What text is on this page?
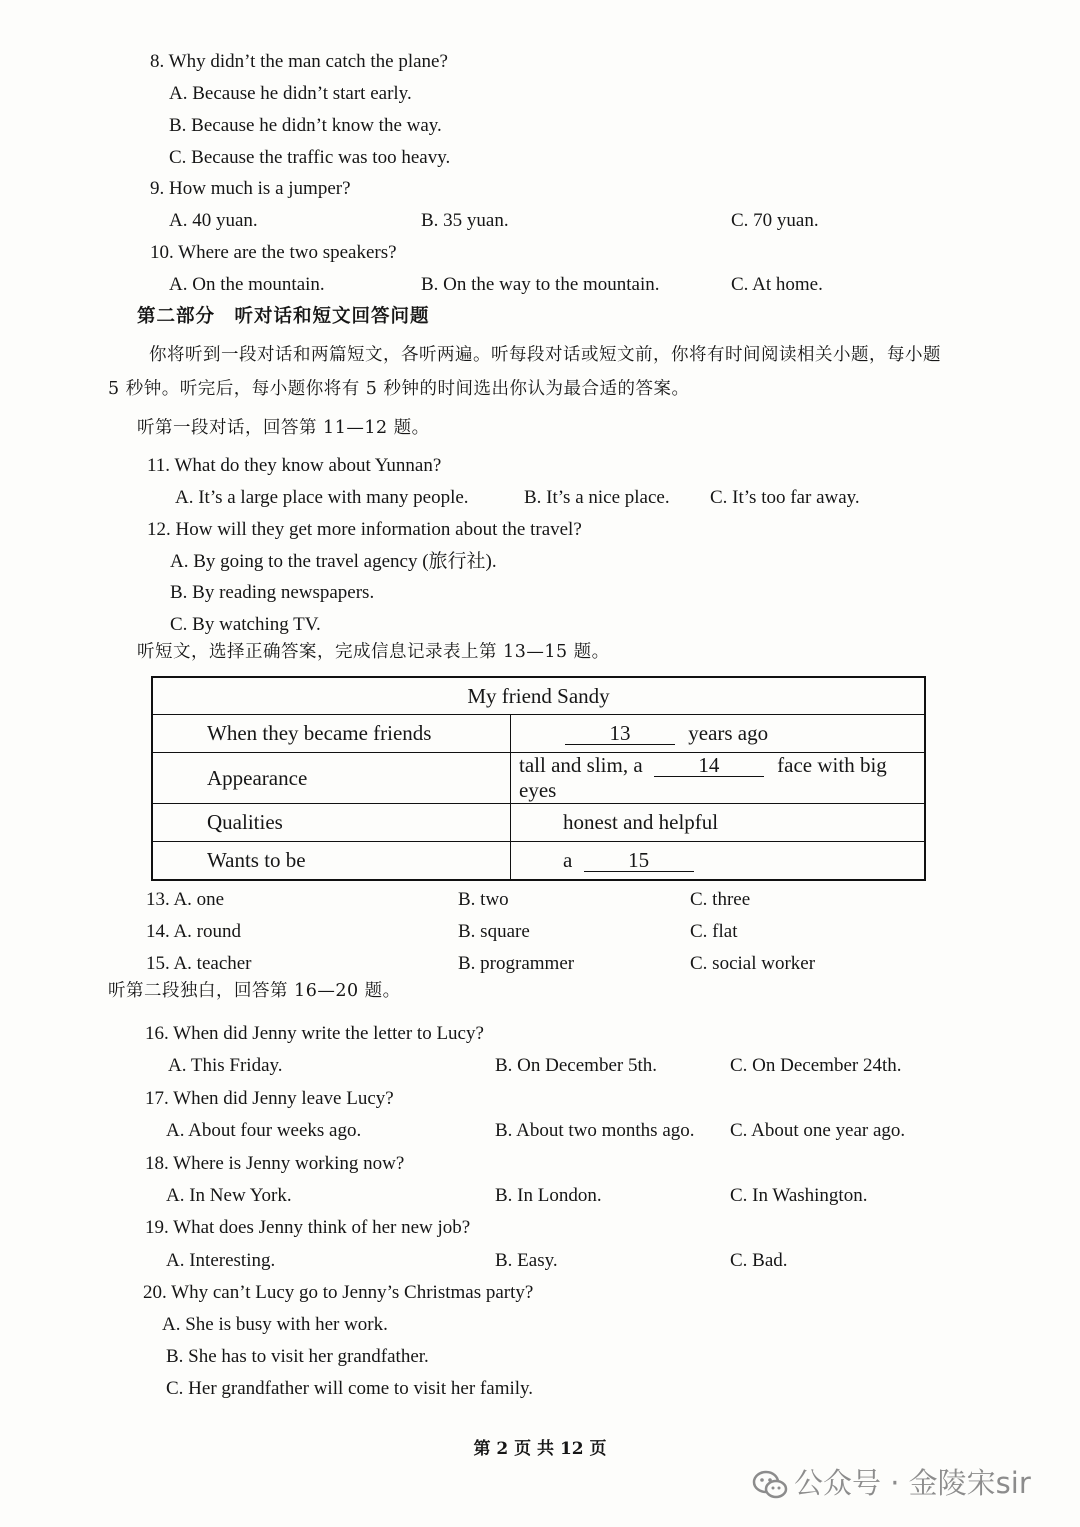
8. Why didn’t the man catch the plane?
A. Because he didn’t start early.
B. Because he didn’t know the way.
C. Because the traffic was too heavy.
9. How much is a jumper?
A. 40 yuan.	B. 35 yuan.	C. 70 yuan.
10. Where are the two speakers?
A. On the mountain.	B. On the way to the mountain.	C. At home.
第二部分　听对话和短文回答问题
你将听到一段对话和两篇短文，各听两遍。听每段对话或短文前，你将有时间阅读相关小题，每小题
5 秒钟。听完后，每小题你将有 5 秒钟的时间选出你认为最合适的答案。
听第一段对话，回答第 11—12 题。
11. What do they know about Yunnan?
A. It’s a large place with many people.	B. It’s a nice place. C. It’s too far away.
12. How will they get more information about the travel?
A. By going to the travel agency (旅行社).
B. By reading newspapers.
C. By watching TV.
听短文，选择正确答案，完成信息记录表上第 13—15 题。
My friend Sandy	
When they became friends	13 years ago
Appearance	tall and slim, a 14 face with big eyes
Qualities	honest and helpful
Wants to be	a 15
13. A. one	B. two	C. three
14. A. round	B. square	C. flat
15. A. teacher	B. programmer	C. social worker
听第二段独白，回答第 16—20 题。
16. When did Jenny write the letter to Lucy?
A. This Friday.	B. On December 5th.	C. On December 24th.
17. When did Jenny leave Lucy?
A. About four weeks ago.	B. About two months ago. C. About one year ago.
18. Where is Jenny working now?
A. In New York.	B. In London.	C. In Washington.
19. What does Jenny think of her new job?
A. Interesting.	B. Easy.	C. Bad.
20. Why can’t Lucy go to Jenny’s Christmas party?
A. She is busy with her work.
B. She has to visit her grandfather.
C. Her grandfather will come to visit her family.
第 2 页 共 12 页
公众号 · 金陵宋sir
